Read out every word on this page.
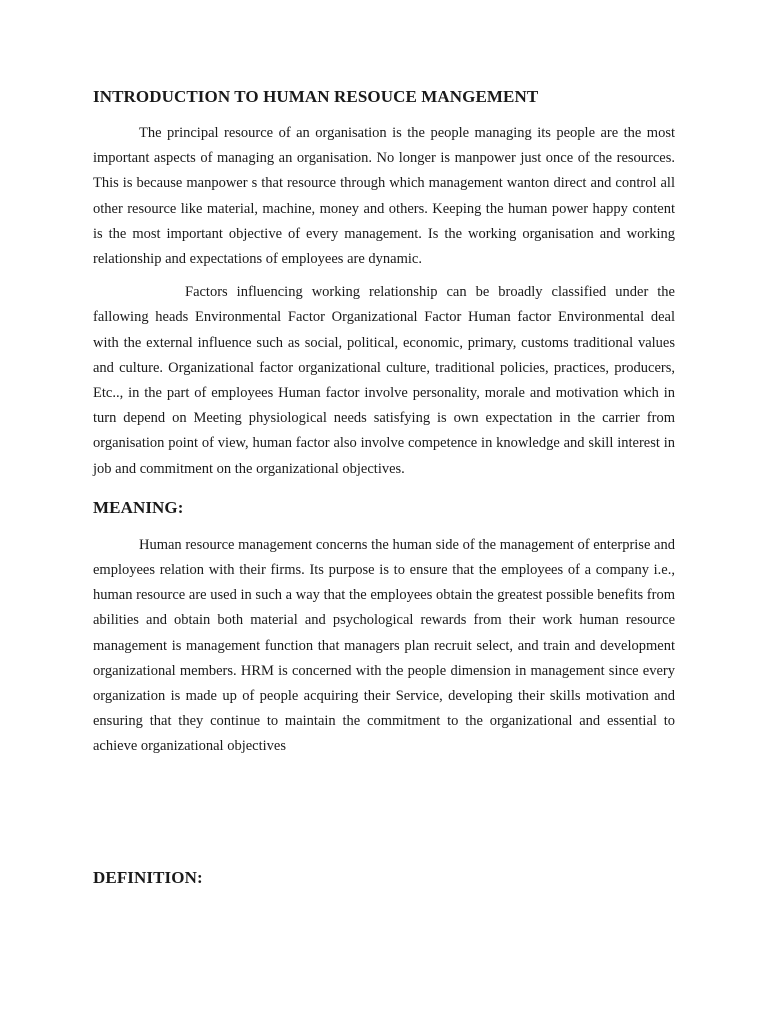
INTRODUCTION TO HUMAN RESOUCE MANGEMENT

The principal resource of an organisation is the people managing its people are the most important aspects of managing an organisation. No longer is manpower just once of the resources. This is because manpower s that resource through which management wanton direct and control all other resource like material, machine, money and others. Keeping the human power happy content is the most important objective of every management. Is the working organisation and working relationship and expectations of employees are dynamic.

Factors influencing working relationship can be broadly classified under the fallowing heads Environmental Factor Organizational Factor Human factor Environmental deal with the external influence such as social, political, economic, primary, customs traditional values and culture. Organizational factor organizational culture, traditional policies, practices, producers, Etc.., in the part of employees Human factor involve personality, morale and motivation which in turn depend on Meeting physiological needs satisfying is own expectation in the carrier from organisation point of view, human factor also involve competence in knowledge and skill interest in job and commitment on the organizational objectives.

MEANING:

Human resource management concerns the human side of the management of enterprise and employees relation with their firms. Its purpose is to ensure that the employees of a company i.e., human resource are used in such a way that the employees obtain the greatest possible benefits from abilities and obtain both material and psychological rewards from their work human resource management is management function that managers plan recruit select, and train and development organizational members. HRM is concerned with the people dimension in management since every organization is made up of people acquiring their Service, developing their skills motivation and ensuring that they continue to maintain the commitment to the organizational and essential to achieve organizational objectives

DEFINITION:
